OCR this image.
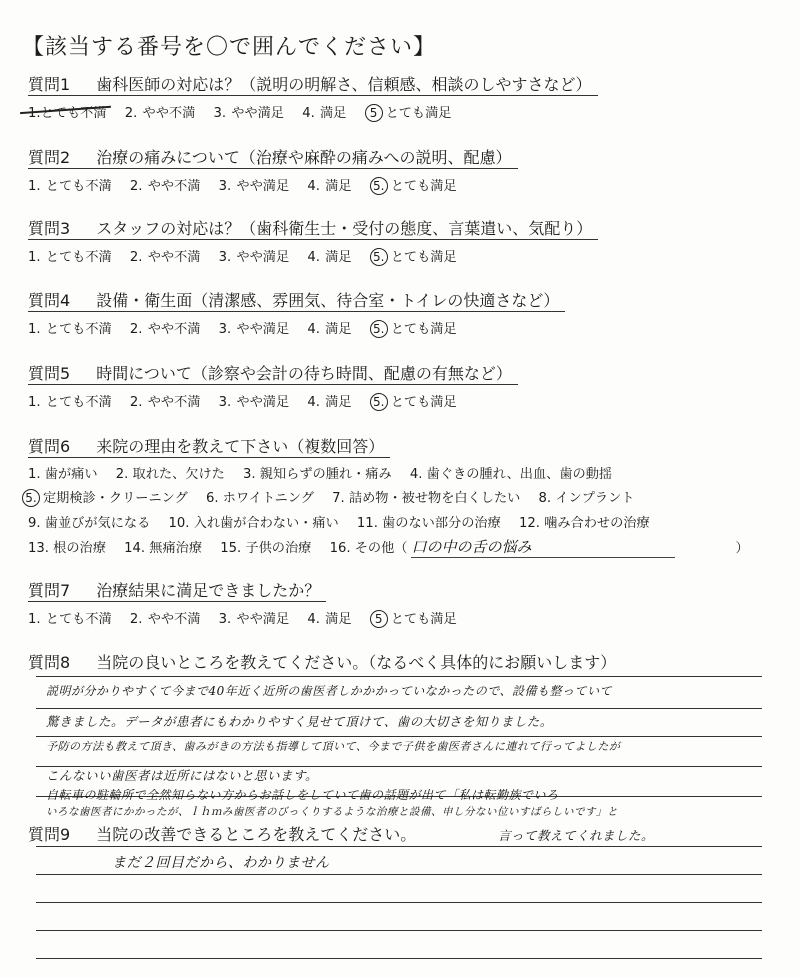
【該当する番号を〇で囲んでください】
質問1 歯科医師の対応は？（説明の明解さ、信頼感、相談のしやすさなど）
1.とても不満 2. やや不満 3. やや満足 4. 満足 5 とても満足
質問2 治療の痛みについて（治療や麻酔の痛みへの説明、配慮）
1. とても不満 2. やや不満 3. やや満足 4. 満足 5. とても満足
質問3 スタッフの対応は？（歯科衛生士・受付の態度、言葉遣い、気配り）
1. とても不満 2. やや不満 3. やや満足 4. 満足 5. とても満足
質問4 設備・衛生面（清潔感、雰囲気、待合室・トイレの快適さなど）
1. とても不満 2. やや不満 3. やや満足 4. 満足 5. とても満足
質問5 時間について（診察や会計の待ち時間、配慮の有無など）
1. とても不満 2. やや不満 3. やや満足 4. 満足 5. とても満足
質問6 来院の理由を教えて下さい（複数回答）
1. 歯が痛い 2. 取れた、欠けた 3. 親知らずの腫れ・痛み 4. 歯ぐきの腫れ、出血、歯の動揺
5. 定期検診・クリーニング 6. ホワイトニング 7. 詰め物・被せ物を白くしたい 8. インプラント
9. 歯並びが気になる 10. 入れ歯が合わない・痛い 11. 歯のない部分の治療 12. 噛み合わせの治療
13. 根の治療 14. 無痛治療 15. 子供の治療 16. その他（ 口の中の舌の悩み	）
質問7 治療結果に満足できましたか？
1. とても不満 2. やや不満 3. やや満足 4. 満足 5 とても満足
質問8 当院の良いところを教えてください。（なるべく具体的にお願いします）
説明が分かりやすくて今まで40年近く近所の歯医者しかかかっていなかったので、設備も整っていて
驚きました。データが患者にもわかりやすく見せて頂けて、歯の大切さを知りました。
予防の方法も教えて頂き、歯みがきの方法も指導して頂いて、今まで子供を歯医者さんに連れて行ってよしたが
こんないい歯医者は近所にはないと思います。
自転車の駐輪所で全然知らない方からお話しをしていて歯の話題が出て「私は転勤族でいろ
いろな歯医者にかかったが、ｌｈｍみ歯医者のびっくりするような治療と設備、申し分ない位いすばらしいです」と
言って教えてくれました。
質問9 当院の改善できるところを教えてください。
まだ２回目だから、わかりません
